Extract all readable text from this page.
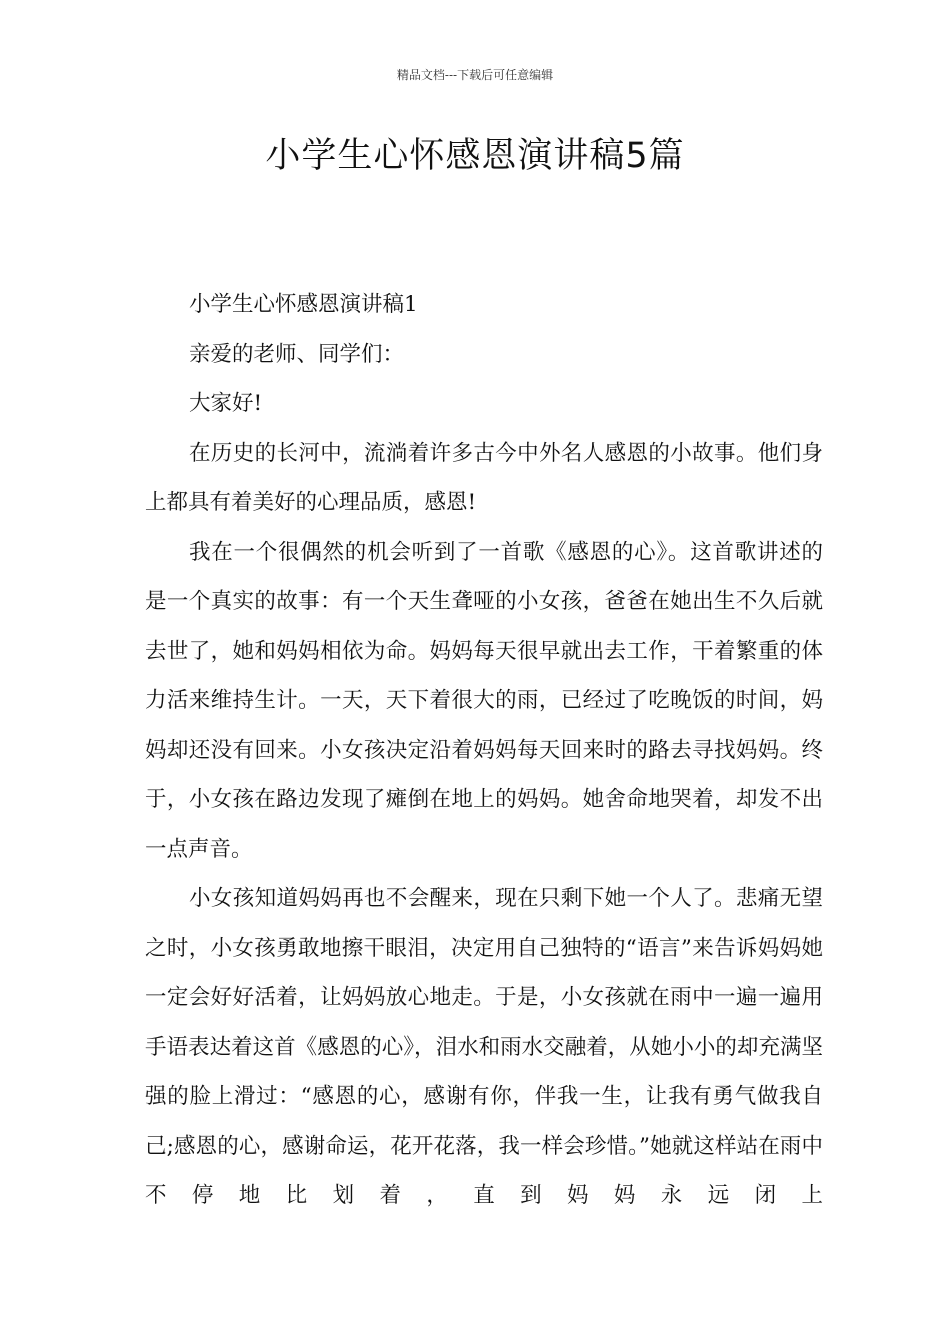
精品文档---下载后可任意编辑
小学生心怀感恩演讲稿5篇

小学生心怀感恩演讲稿1

亲爱的老师、同学们：

大家好!

在历史的长河中，流淌着许多古今中外名人感恩的小故事。他们身上都具有着美好的心理品质，感恩!

我在一个很偶然的机会听到了一首歌《感恩的心》。这首歌讲述的是一个真实的故事：有一个天生聋哑的小女孩，爸爸在她出生不久后就去世了，她和妈妈相依为命。妈妈每天很早就出去工作，干着繁重的体力活来维持生计。一天，天下着很大的雨，已经过了吃晚饭的时间，妈妈却还没有回来。小女孩决定沿着妈妈每天回来时的路去寻找妈妈。终于，小女孩在路边发现了瘫倒在地上的妈妈。她舍命地哭着，却发不出一点声音。

小女孩知道妈妈再也不会醒来，现在只剩下她一个人了。悲痛无望之时，小女孩勇敢地擦干眼泪，决定用自己独特的“语言”来告诉妈妈她一定会好好活着，让妈妈放心地走。于是，小女孩就在雨中一遍一遍用手语表达着这首《感恩的心》，泪水和雨水交融着，从她小小的却充满坚强的脸上滑过：“感恩的心，感谢有你，伴我一生，让我有勇气做我自己;感恩的心，感谢命运，花开花落，我一样会珍惜。”她就这样站在雨中不停地比划着，直到妈妈永远闭上
